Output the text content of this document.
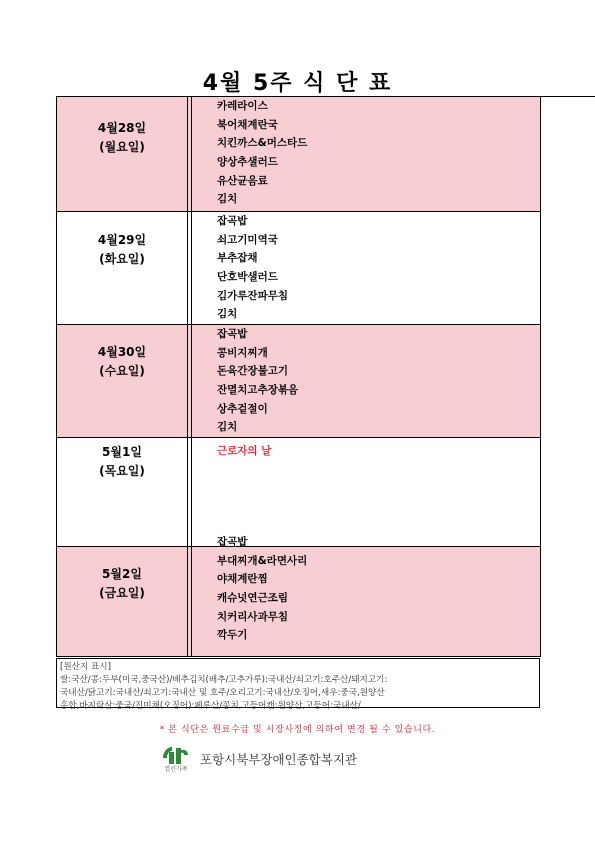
4월 5주 식 단 표
4월28일
(월요일)
카레라이스
북어채계란국
치킨까스&머스타드
양상추샐러드
유산균음료
김치
4월29일
(화요일)
잡곡밥
쇠고기미역국
부추잡채
단호박샐러드
김가루잔파무침
김치
4월30일
(수요일)
잡곡밥
콩비지찌개
돈육간장불고기
잔멸치고추장볶음
상추겉절이
김치
5월1일
(목요일)
근로자의 날
5월2일
(금요일)
잡곡밥
부대찌개&라면사리
야채계란찜
캐슈넛연근조림
치커리사과무침
깍두기
[원산지 표시]
쌀:국산/콩:두부(미국,중국산)/배추김치(배추/고추가루):국내산/쇠고기:호주산/돼지고기:
국내산/닭고기:국내산/쇠고기:국내산 및 호주/오리고기:국내산/오징어,새우:중국,원양산
홍합,바지락살:중국/진미채(오징어):페루산/꽁치,고등어캔:원양산,고등어:국내산/
* 본 식단은 원료수급 및 시장사정에 의하여 변경 될 수 있습니다.
열린가족
포항시북부장애인종합복지관
